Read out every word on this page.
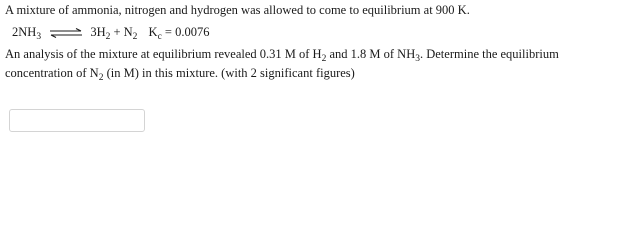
A mixture of ammonia, nitrogen and hydrogen was allowed to come to equilibrium at 900 K.
$2NH_3$ ⇌ $3H_2 + N_2$ $K_c = 0.0076$
An analysis of the mixture at equilibrium revealed 0.31 M of $H_2$ and 1.8 M of $NH_3$. Determine the equilibrium
concentration of $N_2$ (in M) in this mixture. (with 2 significant figures)
